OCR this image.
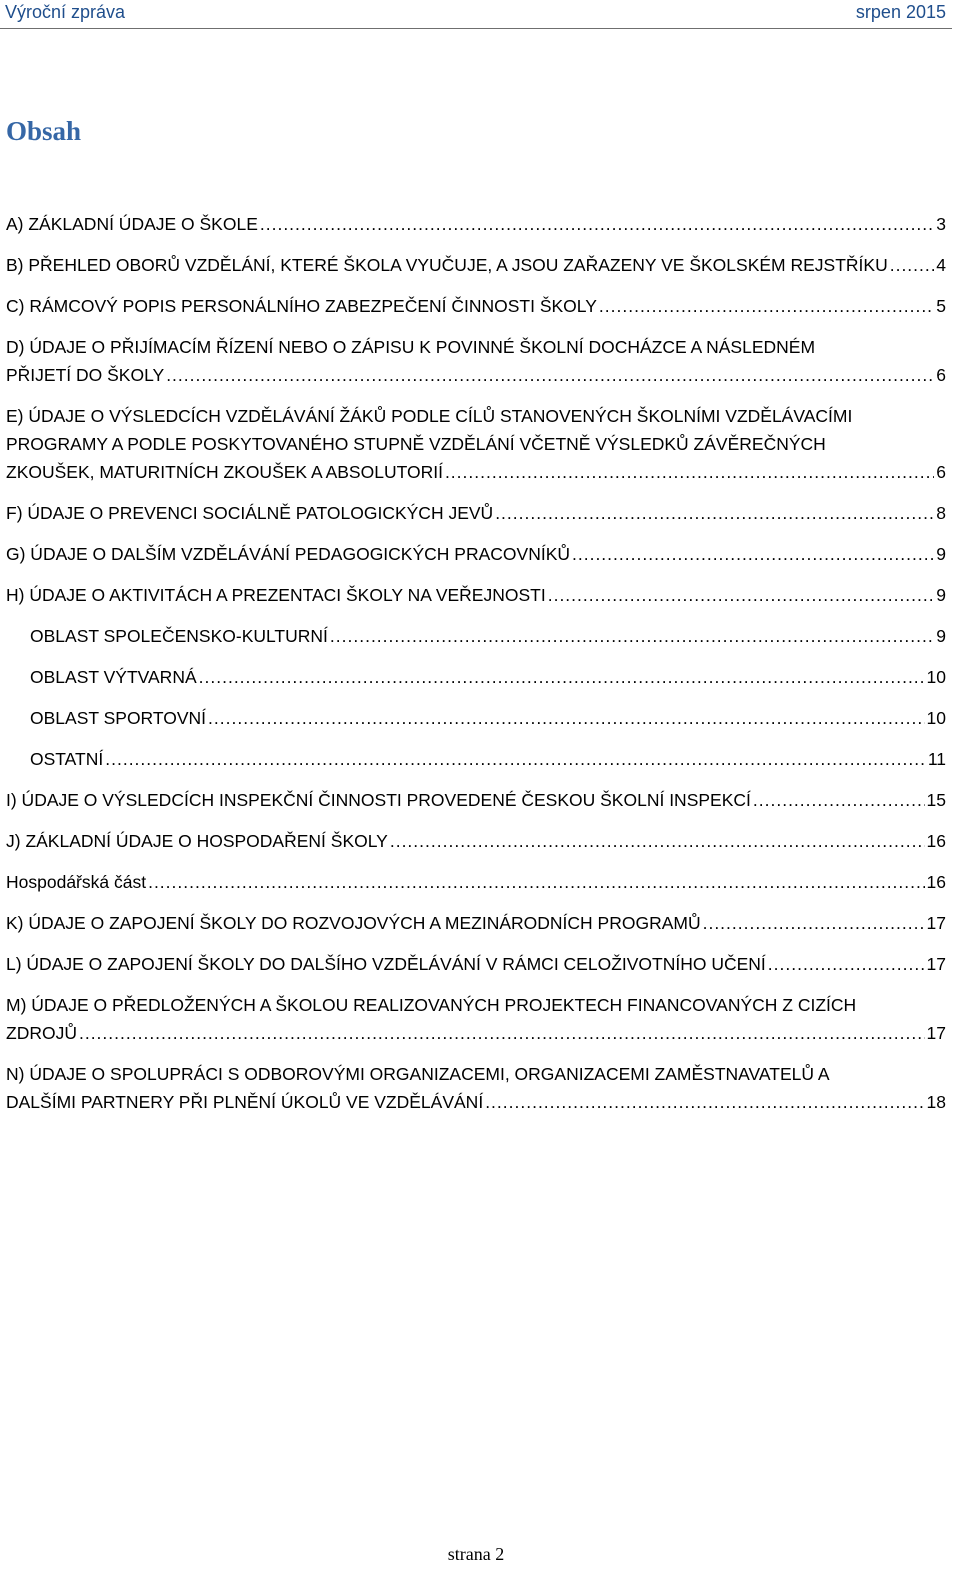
Výroční zpráva	srpen 2015
Obsah
A) ZÁKLADNÍ ÚDAJE O ŠKOLE .....	3
B) PŘEHLED OBORŮ VZDĚLÁNÍ, KTERÉ ŠKOLA VYUČUJE, A JSOU ZAŘAZENY VE ŠKOLSKÉM REJSTŘÍKU .....	4
C) RÁMCOVÝ POPIS PERSONÁLNÍHO ZABEZPEČENÍ ČINNOSTI ŠKOLY .....	5
D) ÚDAJE O PŘIJÍMACÍM ŘÍZENÍ NEBO O ZÁPISU K POVINNÉ ŠKOLNÍ DOCHÁZCE A NÁSLEDNÉM
PŘIJETÍ DO ŠKOLY .....	6
E) ÚDAJE O VÝSLEDCÍCH VZDĚLÁVÁNÍ ŽÁKŮ PODLE CÍLŮ STANOVENÝCH ŠKOLNÍMI VZDĚLÁVACÍMI PROGRAMY A PODLE POSKYTOVANÉHO STUPNĚ VZDĚLÁNÍ VČETNĚ VÝSLEDKŮ ZÁVĚREČNÝCH
ZKOUŠEK, MATURITNÍCH ZKOUŠEK A ABSOLUTORIÍ .....	6
F) ÚDAJE O PREVENCI SOCIÁLNĚ PATOLOGICKÝCH JEVŮ .....	8
G) ÚDAJE O DALŠÍM VZDĚLÁVÁNÍ PEDAGOGICKÝCH PRACOVNÍKŮ .....	9
H) ÚDAJE O AKTIVITÁCH A PREZENTACI ŠKOLY NA VEŘEJNOSTI .....	9
OBLAST SPOLEČENSKO-KULTURNÍ .....	9
OBLAST VÝTVARNÁ .....	10
OBLAST SPORTOVNÍ .....	10
OSTATNÍ .....	11
I) ÚDAJE O VÝSLEDCÍCH INSPEKČNÍ ČINNOSTI PROVEDENÉ ČESKOU ŠKOLNÍ INSPEKCÍ .....	15
J) ZÁKLADNÍ ÚDAJE O HOSPODAŘENÍ ŠKOLY .....	16
Hospodářská část .....	16
K) ÚDAJE O ZAPOJENÍ ŠKOLY DO ROZVOJOVÝCH A MEZINÁRODNÍCH PROGRAMŮ .....	17
L) ÚDAJE O ZAPOJENÍ ŠKOLY DO DALŠÍHO VZDĚLÁVÁNÍ V RÁMCI CELOŽIVOTNÍHO UČENÍ .....	17
M) ÚDAJE O PŘEDLOŽENÝCH A ŠKOLOU REALIZOVANÝCH PROJEKTECH FINANCOVANÝCH Z CIZÍCH
ZDROJŮ .....	17
N) ÚDAJE O SPOLUPRÁCI S ODBOROVÝMI ORGANIZACEMI, ORGANIZACEMI ZAMĚSTNAVATELŮ A
DALŠÍMI PARTNERY PŘI PLNĚNÍ ÚKOLŮ VE VZDĚLÁVÁNÍ .....	18
strana 2
